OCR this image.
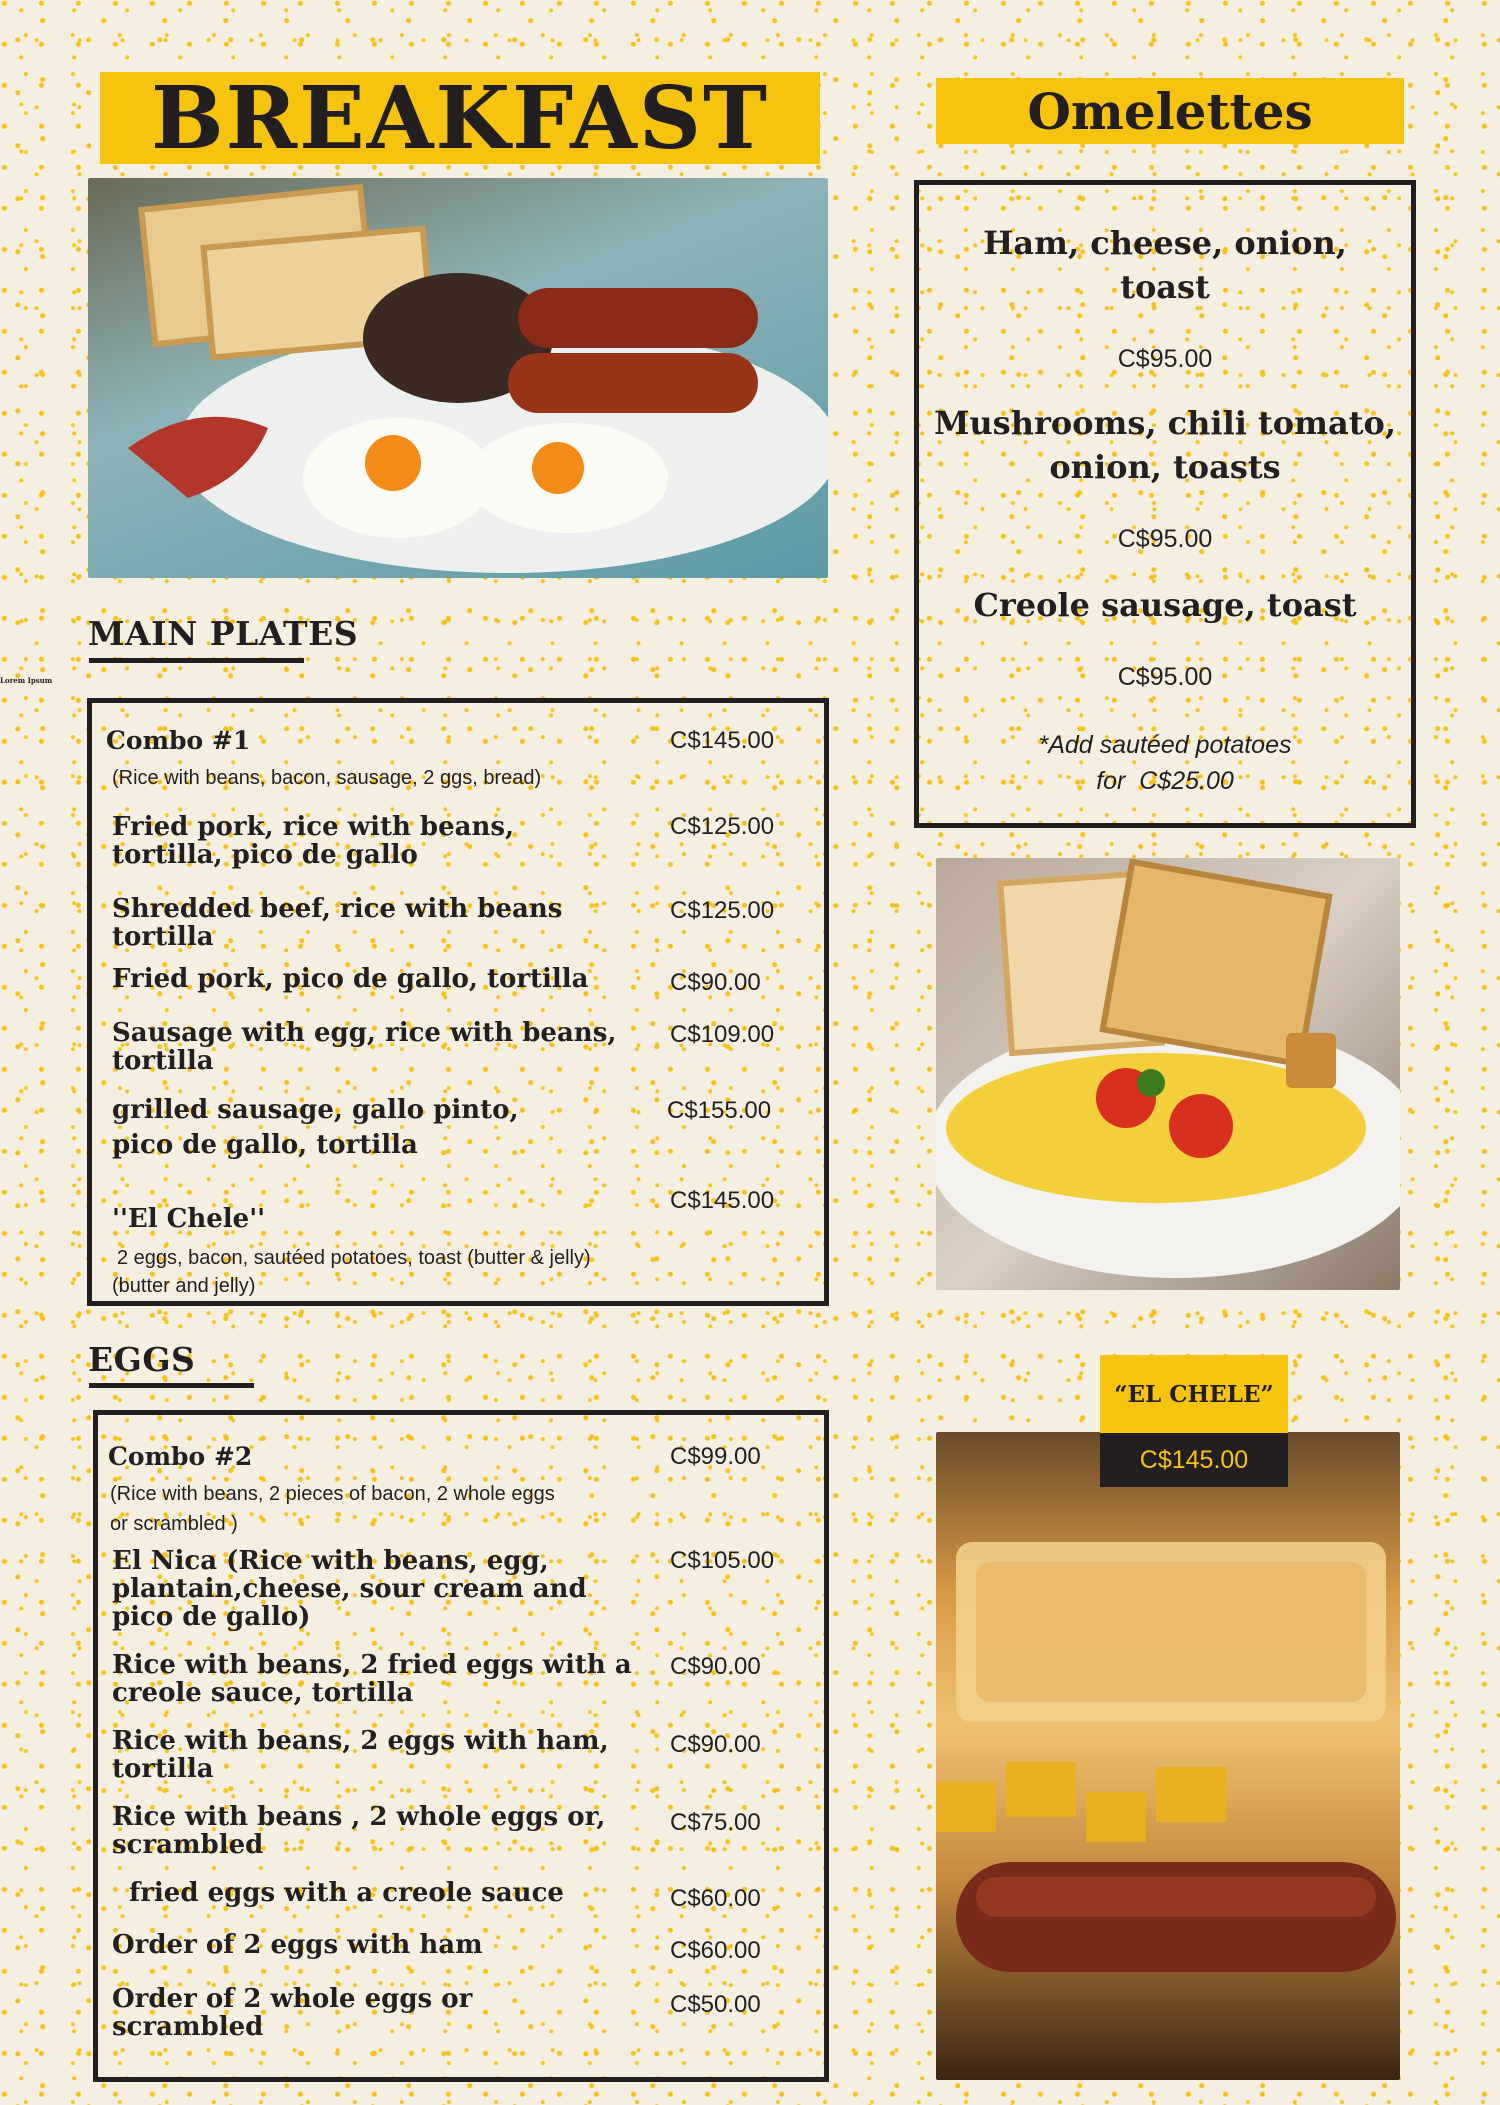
BREAKFAST
Lorem Ipsum
MAIN PLATES
Combo #1
(Rice with beans, bacon, sausage, 2 ggs, bread)
C$145.00
Fried pork, rice with beans,
tortilla, pico de gallo
C$125.00
Shredded beef, rice with beans
tortilla
C$125.00
Fried pork, pico de gallo, tortilla	C$90.00
Sausage with egg, rice with beans,
tortilla
C$109.00
grilled sausage, gallo pinto,
pico de gallo, tortilla
C$155.00
''El Chele''
2 eggs, bacon, sautéed potatoes, toast (butter & jelly)
(butter and jelly)
C$145.00
EGGS
Combo #2
(Rice with beans, 2 pieces of bacon, 2 whole eggs
or scrambled )
C$99.00
El Nica (Rice with beans, egg,
plantain,cheese, sour cream and
pico de gallo)
C$105.00
Rice with beans, 2 fried eggs with a
creole sauce, tortilla
C$90.00
Rice with beans, 2 eggs with ham,
tortilla
C$90.00
Rice with beans , 2 whole eggs or,
scrambled
C$75.00
fried eggs with a creole sauce	C$60.00
Order of 2 eggs with ham	C$60.00
Order of 2 whole eggs or
scrambled
C$50.00
Omelettes
Ham, cheese, onion,
toast
C$95.00
Mushrooms, chili tomato,
onion, toasts
C$95.00
Creole sausage, toast
C$95.00
*Add sautéed potatoes
for  C$25.00
“EL CHELE”
C$145.00
